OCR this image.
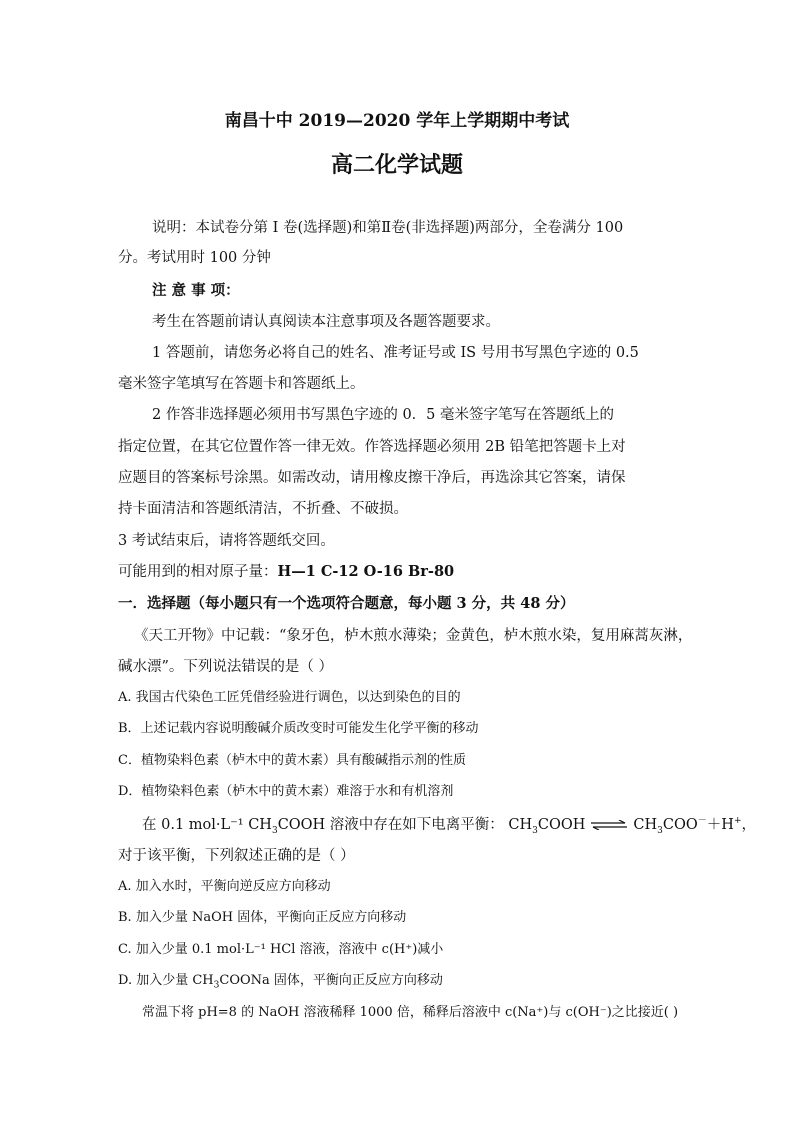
南昌十中 2019—2020 学年上学期期中考试
高二化学试题
说明：本试卷分第 I 卷(选择题)和第Ⅱ卷(非选择题)两部分，全卷满分 100
分。考试用时 100 分钟
注 意 事 项：
考生在答题前请认真阅读本注意事项及各题答题要求。
1 答题前，请您务必将自己的姓名、准考证号或 IS 号用书写黑色字迹的 0.5
毫米签字笔填写在答题卡和答题纸上。
2 作答非选择题必须用书写黑色字迹的 0．5 毫米签字笔写在答题纸上的
指定位置，在其它位置作答一律无效。作答选择题必须用 2B 铅笔把答题卡上对
应题目的答案标号涂黑。如需改动，请用橡皮擦干净后，再选涂其它答案，请保
持卡面清洁和答题纸清洁，不折叠、不破损。
3 考试结束后，请将答题纸交回。
可能用到的相对原子量：H—1 C-12 O-16 Br-80
一．选择题（每小题只有一个选项符合题意，每小题 3 分，共 48 分）
《天工开物》中记载：“象牙色，栌木煎水薄染；金黄色，栌木煎水染，复用麻蒿灰淋，
碱水漂”。下列说法错误的是（ ）
A. 我国古代染色工匠凭借经验进行调色，以达到染色的目的
B．上述记载内容说明酸碱介质改变时可能发生化学平衡的移动
C．植物染料色素（栌木中的黄木素）具有酸碱指示剂的性质
D．植物染料色素（栌木中的黄木素）难溶于水和有机溶剂
在 0.1 mol·L⁻¹ $CH_3COOH$ 溶液中存在如下电离平衡： $CH_3COOH$ ⇌ $CH_3COO^-+H^+$，
对于该平衡，下列叙述正确的是（ ）
A. 加入水时，平衡向逆反应方向移动
B. 加入少量 NaOH 固体，平衡向正反应方向移动
C. 加入少量 0.1 mol·L⁻¹ HCl 溶液，溶液中 c(H⁺)减小
D. 加入少量 $CH_3COONa$ 固体，平衡向正反应方向移动
常温下将 pH=8 的 NaOH 溶液稀释 1000 倍，稀释后溶液中 c(Na⁺)与 c(OH⁻)之比接近( )
